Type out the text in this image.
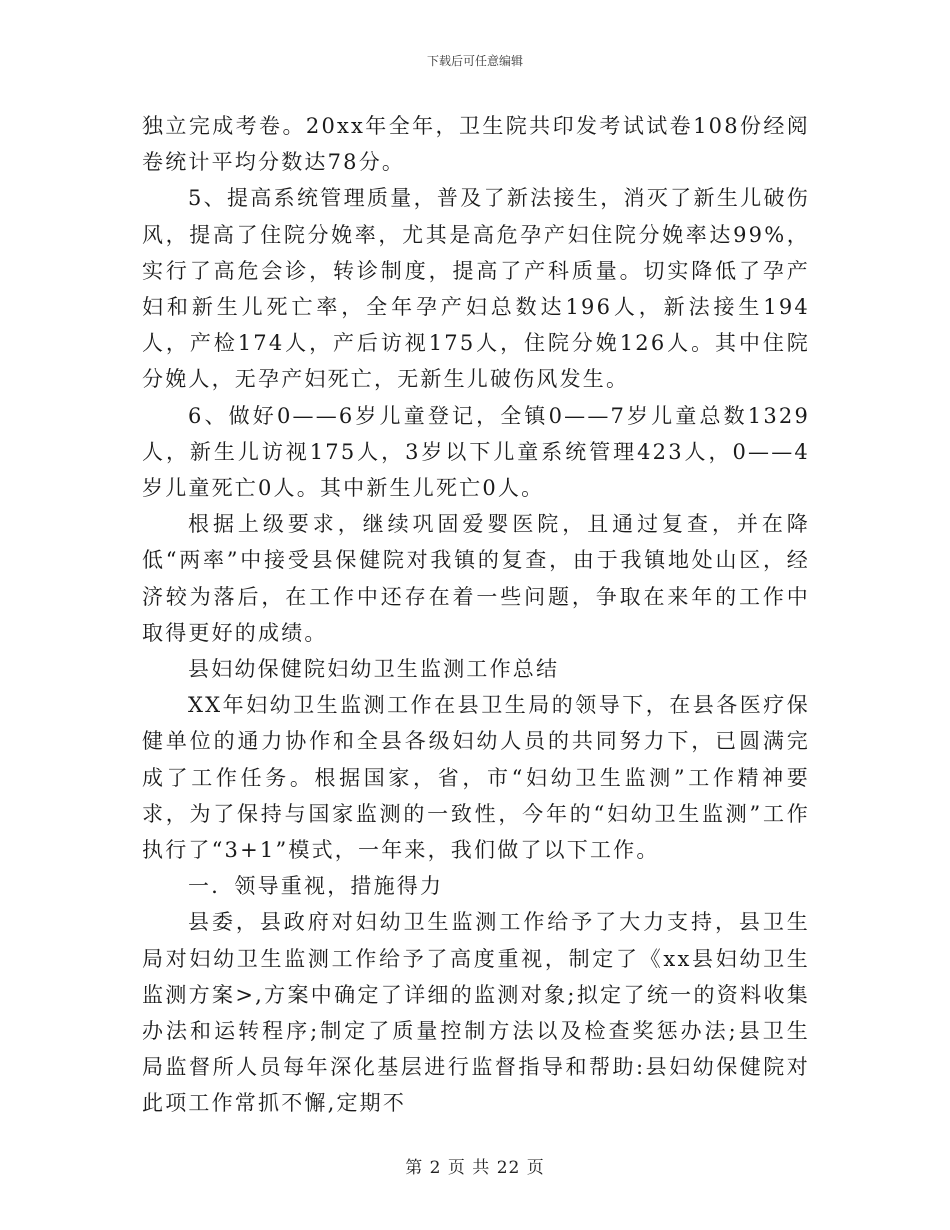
下载后可任意编辑

独立完成考卷。20xx年全年，卫生院共印发考试试卷108份经阅卷统计平均分数达78分。

5、提高系统管理质量，普及了新法接生，消灭了新生儿破伤风，提高了住院分娩率，尤其是高危孕产妇住院分娩率达99%，实行了高危会诊，转诊制度，提高了产科质量。切实降低了孕产妇和新生儿死亡率，全年孕产妇总数达196人，新法接生194人，产检174人，产后访视175人，住院分娩126人。其中住院分娩人，无孕产妇死亡，无新生儿破伤风发生。

6、做好0——6岁儿童登记，全镇0——7岁儿童总数1329人，新生儿访视175人，3岁以下儿童系统管理423人，0——4岁儿童死亡0人。其中新生儿死亡0人。

根据上级要求，继续巩固爱婴医院，且通过复查，并在降低“两率”中接受县保健院对我镇的复查，由于我镇地处山区，经济较为落后，在工作中还存在着一些问题，争取在来年的工作中取得更好的成绩。

县妇幼保健院妇幼卫生监测工作总结

XX年妇幼卫生监测工作在县卫生局的领导下，在县各医疗保健单位的通力协作和全县各级妇幼人员的共同努力下，已圆满完成了工作任务。根据国家，省，市“妇幼卫生监测”工作精神要求，为了保持与国家监测的一致性，今年的“妇幼卫生监测”工作执行了“3+1”模式，一年来，我们做了以下工作。

一．领导重视，措施得力

县委，县政府对妇幼卫生监测工作给予了大力支持，县卫生局对妇幼卫生监测工作给予了高度重视，制定了《xx县妇幼卫生监测方案>,方案中确定了详细的监测对象;拟定了统一的资料收集办法和运转程序;制定了质量控制方法以及检查奖惩办法;县卫生局监督所人员每年深化基层进行监督指导和帮助:县妇幼保健院对此项工作常抓不懈,定期不

第 2 页 共 22 页
